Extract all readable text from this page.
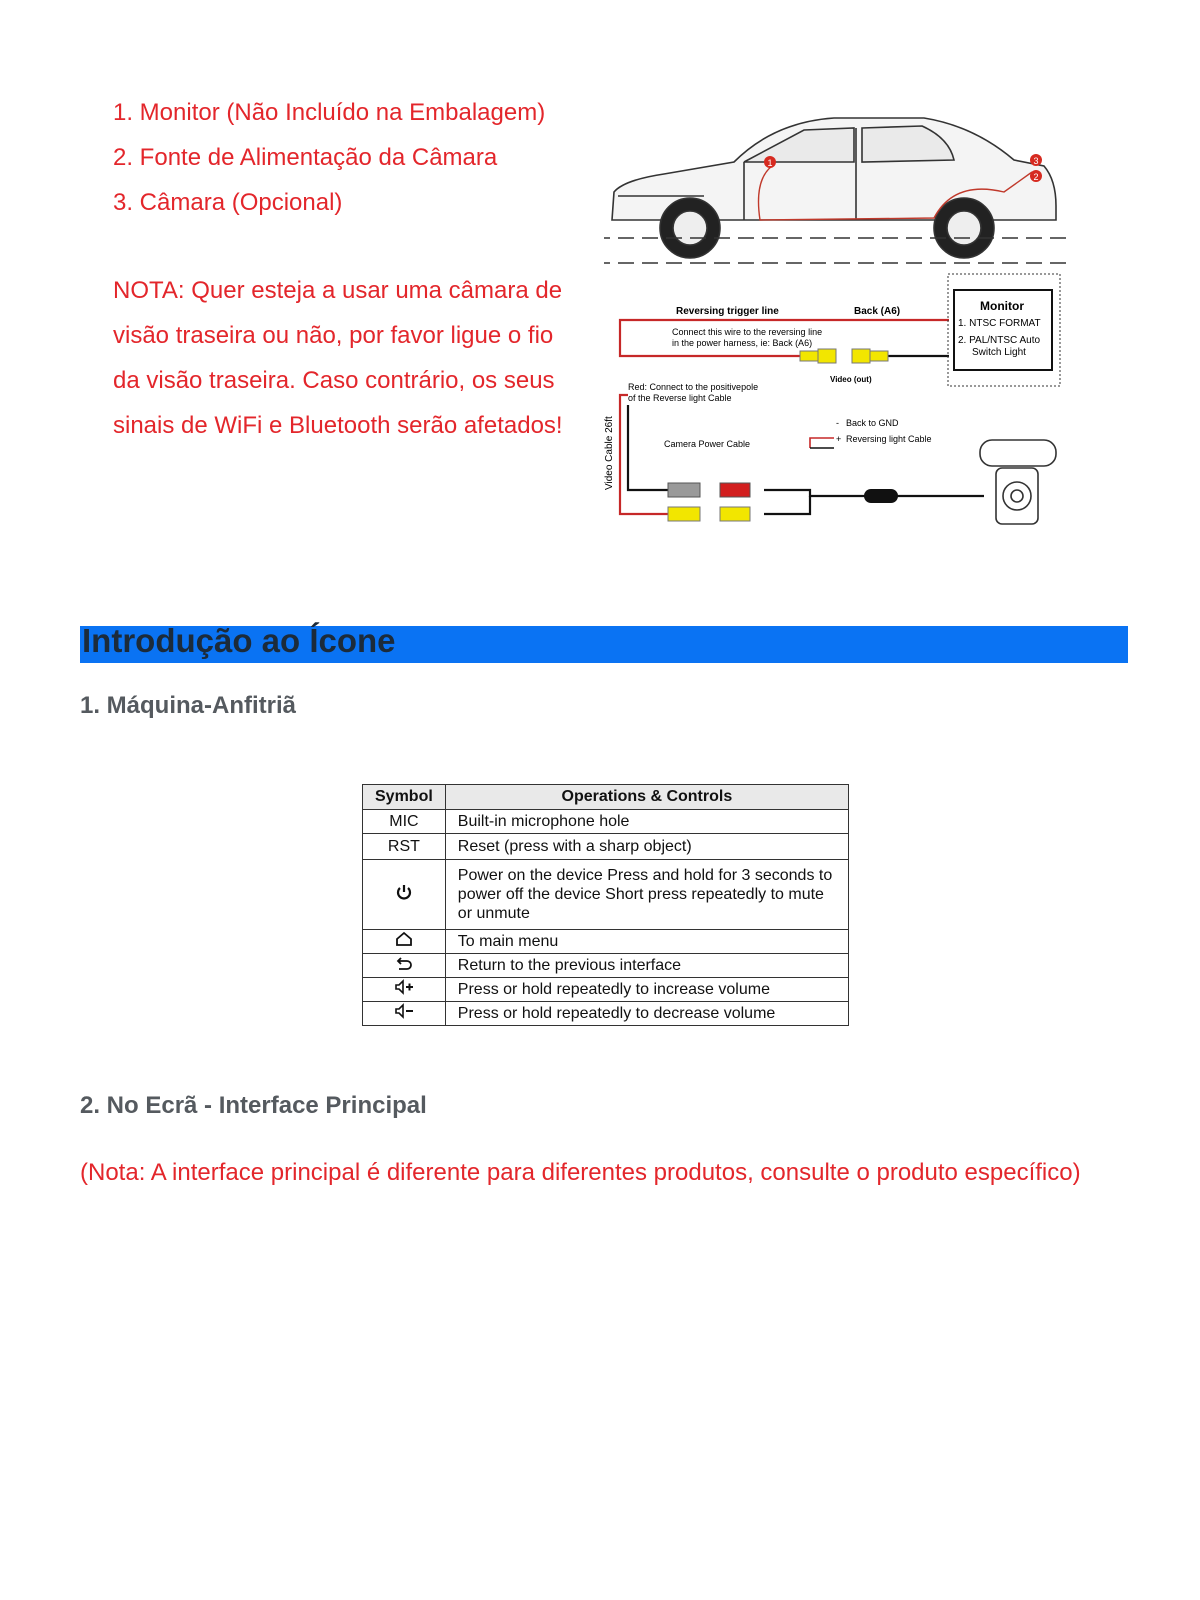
1. Monitor (Não Incluído na Embalagem)
2. Fonte de Alimentação da Câmara
3. Câmara (Opcional)
NOTA: Quer esteja a usar uma câmara de visão traseira ou não, por favor ligue o fio da visão traseira. Caso contrário, os seus sinais de WiFi e Bluetooth serão afetados!
1	3
2
Monitor
1. NTSC FORMAT
2. PAL/NTSC Auto
Switch Light
Reversing trigger line	Back (A6)
Connect this wire to the reversing line
in the power harness, ie: Back (A6)
Video (out)
Red: Connect to the positivepole
of the Reverse light Cable
Video Cable 26ft	- Back to GND
+ Reversing light Cable
Camera Power Cable
Introdução ao Ícone
1. Máquina-Anfitriã
Symbol	Operations & Controls
MIC	Built-in microphone hole
RST	Reset (press with a sharp object)
	Power on the device Press and hold for 3 seconds to power off the device Short press repeatedly to mute or unmute
	To main menu
	Return to the previous interface
	Press or hold repeatedly to increase volume
	Press or hold repeatedly to decrease volume
2. No Ecrã - Interface Principal
(Nota: A interface principal é diferente para diferentes produtos, consulte o produto específico)
